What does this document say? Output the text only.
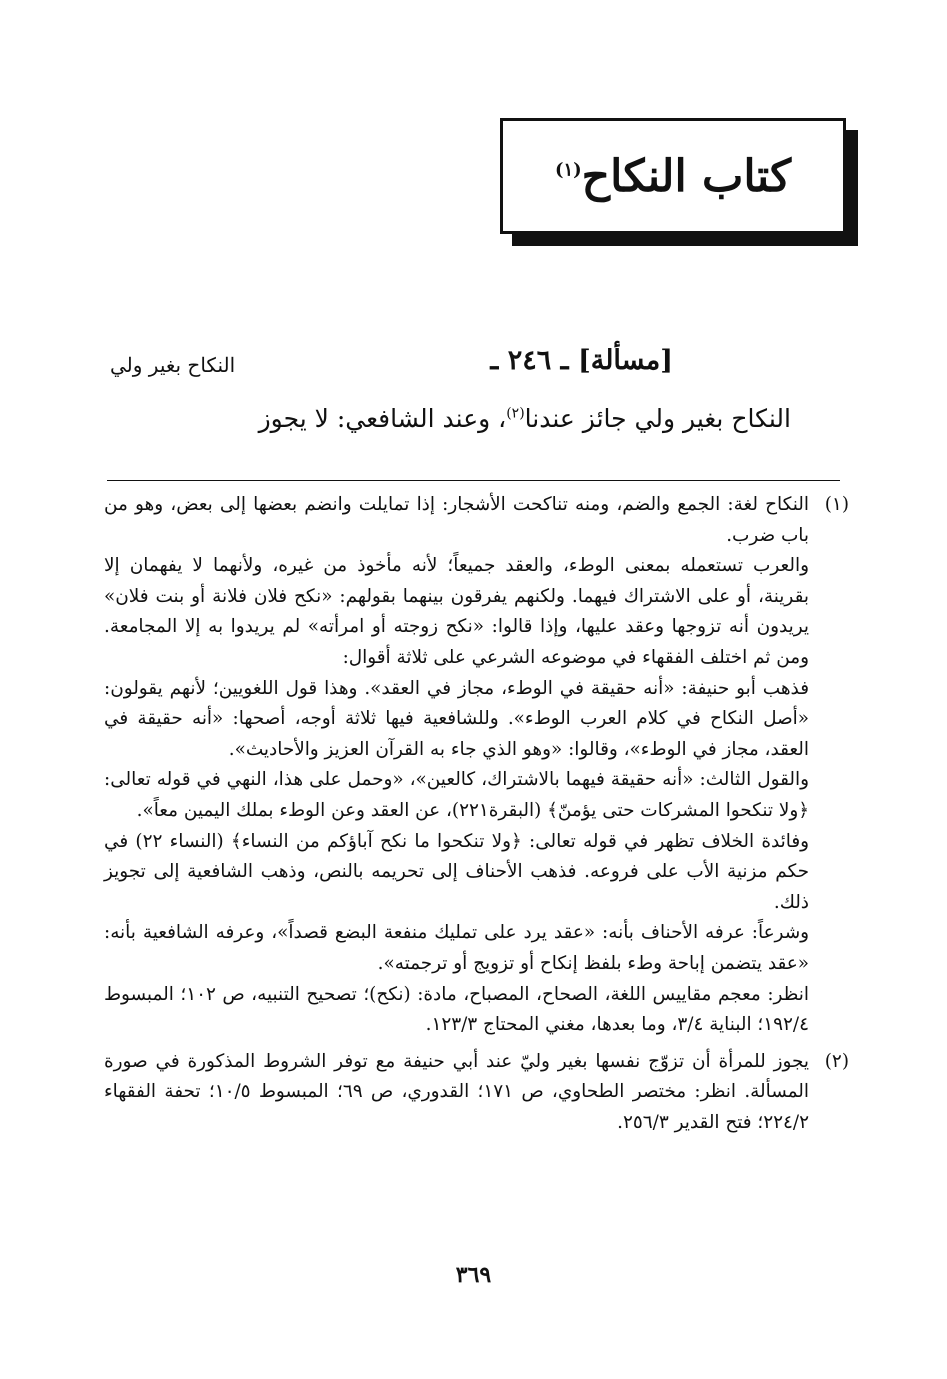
كتاب النكاح$^{(١)}$
[مسألة] ـ ٢٤٦ ـ
النكاح بغير ولي
النكاح بغير ولي جائز عندنا$^{(٢)}$، وعند الشافعي: لا يجوز
(١)

النكاح لغة: الجمع والضم، ومنه تناكحت الأشجار: إذا تمايلت وانضم بعضها إلى بعض، وهو من باب ضرب.

والعرب تستعمله بمعنى الوطء، والعقد جميعاً؛ لأنه مأخوذ من غيره، ولأنهما لا يفهمان إلا بقرينة، أو على الاشتراك فيهما. ولكنهم يفرقون بينهما بقولهم: «نكح فلان فلانة أو بنت فلان» يريدون أنه تزوجها وعقد عليها، وإذا قالوا: «نكح زوجته أو امرأته» لم يريدوا به إلا المجامعة. ومن ثم اختلف الفقهاء في موضوعه الشرعي على ثلاثة أقوال:

فذهب أبو حنيفة: «أنه حقيقة في الوطء، مجاز في العقد». وهذا قول اللغويين؛ لأنهم يقولون: «أصل النكاح في كلام العرب الوطء». وللشافعية فيها ثلاثة أوجه، أصحها: «أنه حقيقة في العقد، مجاز في الوطء»، وقالوا: «وهو الذي جاء به القرآن العزيز والأحاديث».

والقول الثالث: «أنه حقيقة فيهما بالاشتراك، كالعين»، «وحمل على هذا، النهي في قوله تعالى: ﴿ولا تنكحوا المشركات حتى يؤمنّ﴾ (البقرة٢٢١)، عن العقد وعن الوطء بملك اليمين معاً».

وفائدة الخلاف تظهر في قوله تعالى: ﴿ولا تنكحوا ما نكح آباؤكم من النساء﴾ (النساء ٢٢) في حكم مزنية الأب على فروعه. فذهب الأحناف إلى تحريمه بالنص، وذهب الشافعية إلى تجويز ذلك.

وشرعاً: عرفه الأحناف بأنه: «عقد يرد على تمليك منفعة البضع قصداً»، وعرفه الشافعية بأنه: «عقد يتضمن إباحة وطء بلفظ إنكاح أو تزويج أو ترجمته».

انظر: معجم مقاييس اللغة، الصحاح، المصباح، مادة: (نكح)؛ تصحيح التنبيه، ص ١٠٢؛ المبسوط ١٩٢/٤؛ البناية ٣/٤، وما بعدها، مغني المحتاج ١٢٣/٣.

(٢)

يجوز للمرأة أن تزوّج نفسها بغير وليّ عند أبي حنيفة مع توفر الشروط المذكورة في صورة المسألة. انظر: مختصر الطحاوي، ص ١٧١؛ القدوري، ص ٦٩؛ المبسوط ١٠/٥؛ تحفة الفقهاء ٢٢٤/٢؛ فتح القدير ٢٥٦/٣.

٣٦٩
